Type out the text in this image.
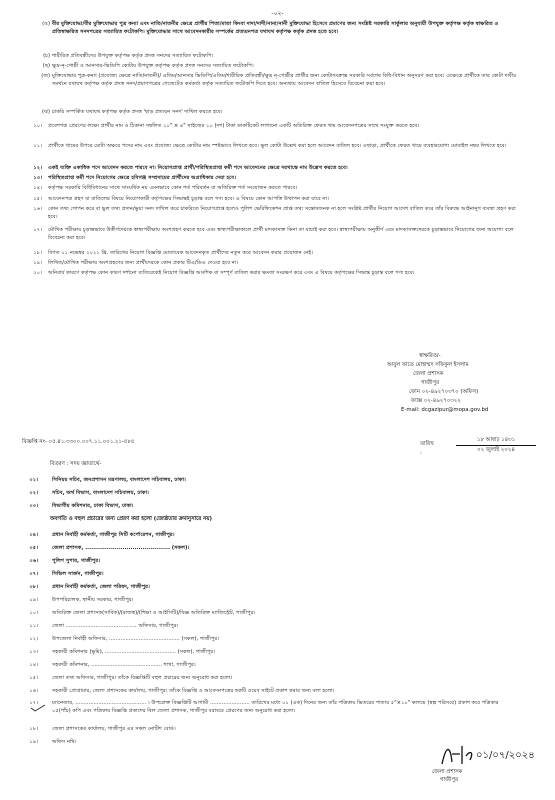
-০২-
(ঙ) বীর মুক্তিযোদ্ধা/বীর মুক্তিযোদ্ধার পুত্র কন্যা এবং নাতি/নাতনীর ক্ষেত্রে প্রার্থীর পিতা/মাতা কিংবা দাদা/দাদী/নানা/নানী মুক্তিযোদ্ধা হিসেবে প্রমাণের জন্য সংশ্লিষ্ট সরকারি সার্কুলার অনুযায়ী উপযুক্ত কর্তৃপক্ষ কর্তৃক স্বাক্ষরিত ও প্রতিস্বাক্ষরিত সনদপত্রের সত্যায়িত ফটোকপি। মুক্তিযোদ্ধার সাথে আবেদনকারীর সম্পর্কের প্রত্যয়নপত্র যথাযথ কর্তৃপক্ষ কর্তৃক প্রদত্ত হতে হবে।
(চ) শারীরিক প্রতিবন্ধীদের উপযুক্ত কর্তৃপক্ষ কর্তৃক প্রদত্ত সনদের সত্যায়িত ফটোকপি।
(ছ) ক্ষুদ্র-নৃ-গোষ্ঠী ও আনসার-ভিডিপি কোটায় উপযুক্ত কর্তৃপক্ষ কর্তৃক প্রদত্ত সনদের সত্যায়িত ফটোকপি।
(জ) মুক্তিযোদ্ধার পুত্র-কন্যা (প্রযোজ্য ক্ষেত্রে নাতি/নাতনী)/ এতিম/আনসার ভিডিপি/এতিম/শারীরিক প্রতিবন্ধী/ক্ষুদ্র নৃ-গোষ্ঠীর প্রার্থীর জন্য কোটাসংক্রান্ত সরকারি সর্বশেষ বিধি-বিধান অনুসরণ করা হবে। এক্ষেত্রে প্রার্থীকে তার কোটা দাবীর সমর্থনে যথাযথ কর্তৃপক্ষ কর্তৃক প্রদত্ত সনদ/প্রমাণপত্রের গেজেটেড কর্মকর্তা কর্তৃক সত্যায়িত ফটোকপি দিতে হবে। অন্যথায় আবেদন বাতিল হিসেবে বিবেচনা করা হবে।
(ঝ) চাকরি সম্পর্কিত যথাযথ কর্তৃপক্ষ কর্তৃক প্রদত্ত 'ছাড় প্রত্যয়ন সনদ' দাখিল করতে হবে।
১০। প্রবেশপত্র প্রেরণের লক্ষ্যে প্রার্থীর নাম ও ঠিকানা সম্বলিত ১০" × ৪" সাইজের ১০ (দশ) টাকা ডাকটিকেট লাগানো একটি অতিরিক্ত ফেরত খাম আবেদনপত্রের সাথে সংযুক্ত করতে হবে।
১১। প্রার্থীকে খামের উপরে মোটা অক্ষরে পদের নাম এবং প্রযোজ্য ক্ষেত্রে কোটার নাম স্পষ্টভাবে লিখতে হবে। ভুল কোটা উল্লেখ করা হলে আবেদন বাতিল হবে। এছাড়া, প্রার্থীকে ফেরত খামে ব্যবহারযোগ্য মোবাইল নম্বর লিখতে হবে।
১২। একই ব্যক্তি একাধিক পদে আবেদন করতে পারবে না। নিয়োগপ্রাপ্ত প্রার্থী/পরিস্থিতপ্রাপ্ত কর্মী পদে আবেদনের ক্ষেত্রে দরখাস্তে নাম উল্লেখ করতে হবে।
১৩। পরিস্থিতপ্রাপ্ত কর্মী পদে নিয়োগের ক্ষেত্রে হবিগঞ্জ সম্প্রদায়ের প্রার্থীদের অগ্রাধিকার দেয়া হবে।
১৪। কর্তৃপক্ষ সরকারি বিধিবিধানের সাথে সাংঘর্ষিক নয় এমনভাবে কোন শর্ত পরিবর্তন বা অতিরিক্ত শর্ত সংযোজন করতে পারবে।
১৫। আবেদনপত্র গ্রহণ বা বাতিলের বিষয়ে নিয়োগকারী কর্তৃপক্ষের সিদ্ধান্তই চূড়ান্ত বলে গণ্য হবে। এ বিষয়ে কোন আপত্তি উত্থাপন করা যাবে না।
১৬। কোন তথ্য গোপন করে বা ভুল তথ্য প্রদান/ভুয়া সনদ দাখিল করে চাকরিতে নিয়োগপ্রাপ্ত হলেও পুলিশ ভেরিফিকেশন প্রাপ্ত তথ্য সন্তোষজনক না হলে সংশ্লিষ্ট প্রার্থীর নিয়োগ আদেশ বাতিল করে তাঁর বিরুদ্ধে আইনানুগ ব্যবস্থা গ্রহণ করা হবে।
১৭। মৌখিক পরীক্ষায় চূড়ান্তভাবে উত্তীর্ণদেরকে স্বাস্থ্যপরীক্ষায় অংশগ্রহণ করতে হবে এবং স্বাস্থ্যপরীক্ষাকালে প্রার্থী মাদকাসক্ত কিনা তা যাচাই করা হবে। স্বাস্থ্যপরীক্ষায় অনুত্তীর্ণ এবং মাদকাসক্তদেরকে চূড়ান্তভাবে নিয়োগের জন্য অযোগ্য বলে বিবেচনা করা হবে।
১৮। বিগত ০১ নভেম্বর ২০২১ খ্রি. তারিখের নিয়োগ বিজ্ঞপ্তি মোতাবেক আবেদনকৃত প্রার্থীদের নতুন করে আবেদন করার প্রয়োজন নেই।
১৯। লিখিত/মৌখিক পরীক্ষায় অংশগ্রহণের জন্য প্রার্থীদেরকে কোন প্রকার টিএ/ডিএ দেওয়া হবে না।
২০। অনিবার্য কারণে কর্তৃপক্ষ কোন কারণ দর্শানো ব্যতিরেকেই নিয়োগ বিজ্ঞপ্তি আংশিক বা সম্পূর্ণ বাতিল করার ক্ষমতা সংরক্ষণ করে এবং এ বিষয়ে কর্তৃপক্ষের সিদ্ধান্ত চূড়ান্ত বলে গণ্য হবে।
স্বাক্ষরিত/-
আবুল ফাতে মোহাম্মদ সফিকুল ইসলাম
জেলা প্রশাসক
গাজীপুর
ফোন ০২-৪৯২৭০৩৭০ (অফিস)
ফ্যাক্স ০২-৪৯২৭০৩২২
E-mail: dcgazipur@mopa.gov.bd
বিজ্ঞপ্তি নং- ০৫.৪১.৩৩০০.০০৭.১১.০০১.২১-৫৮৫	তারিখ :
১৮ আষাঢ় ১৪৩১
০২ জুলাই ২০২৪
বিতরণ : সদয় জ্ঞাতার্থে-
০১।	সিনিয়র সচিব, জনপ্রশাসন মন্ত্রণালয়, বাংলাদেশ সচিবালয়, ঢাকা।
০২।	সচিব, অর্থ বিভাগ, বাংলাদেশ সচিবালয়, ঢাকা।
০৩।	বিভাগীয় কমিশনার, ঢাকা বিভাগ, ঢাকা।
অবগতি ও বহুল প্রচারের জন্য প্রেরণ করা হলো (জ্যেষ্ঠতার ক্রমানুসারে নয়)
০৪।	প্রধান নির্বাহী কর্মকর্তা, গাজীপুর সিটি কর্পোরেশন, গাজীপুর।
০৫।	জেলা প্রশাসক, ........................................... (সকল)।
০৬।	পুলিশ সুপার, গাজীপুর।
০৭।	সিভিল সার্জন, গাজীপুর।
০৮।	প্রধান নির্বাহী কর্মকর্তা, জেলা পরিষদ, গাজীপুর।
০৯।	উপপরিচালক, স্থানীয় সরকার, গাজীপুর।
১০।	অতিরিক্ত জেলা প্রশাসক(সার্বিক)/(রাজস্ব)/(শিক্ষা ও আইসিটি)/বিজ্ঞ অতিরিক্ত ম্যাজিস্ট্রেট, গাজীপুর।
১১।	জেলা ........................................... অফিসার, গাজীপুর।
১২।	উপজেলা নির্বাহী অফিসার, ........................................... (সকল), গাজীপুর।
১৩।	সহকারী কমিশনার (ভূমি), ........................................... (সকল), গাজীপুর।
১৪।	সহকারী কমিশনার, ........................................... শাখা, গাজীপুর।
১৫।	জেলা তথ্য অফিসার, গাজীপুর। তাঁকে বিজ্ঞপ্তিটি বহুল প্রচারের জন্য অনুরোধ করা হলো।
১৬।	সহকারী প্রোগ্রামার, জেলা প্রশাসকের কার্যালয়, গাজীপুর। তাঁকে বিজ্ঞপ্তি ও আবেদনপত্রের ছকটি ওয়েব সাইটে প্রকাশ করার জন্য বলা হলো।
১৭।	ম্যানেজার, ........................................... । উপরোক্ত বিজ্ঞপ্তিটি আগামী ........................ তারিখের মধ্যে ০১ (এক) দিনের জন্য তাঁর পত্রিকায় ভিতরের পাতায় ৫"×১০" কলামে (স্বল্প পরিসরে) প্রকাশ করে পত্রিকার ০৫(পাঁচ) কপি এবং পত্রিকায় বিজ্ঞপ্তি প্রকাশের বিল জেলা প্রশাসক, গাজীপুর বরাবরে প্রেরণের জন্য অনুরোধ করা হলো।
১৮।	জেলা প্রশাসকের কার্যালয়, গাজীপুর এর সকল নোটিশ বোর্ড।
১৯।	অফিস নথি।
০১/০৭/২০২৪
জেলা প্রশাসক
গাজীপুর
